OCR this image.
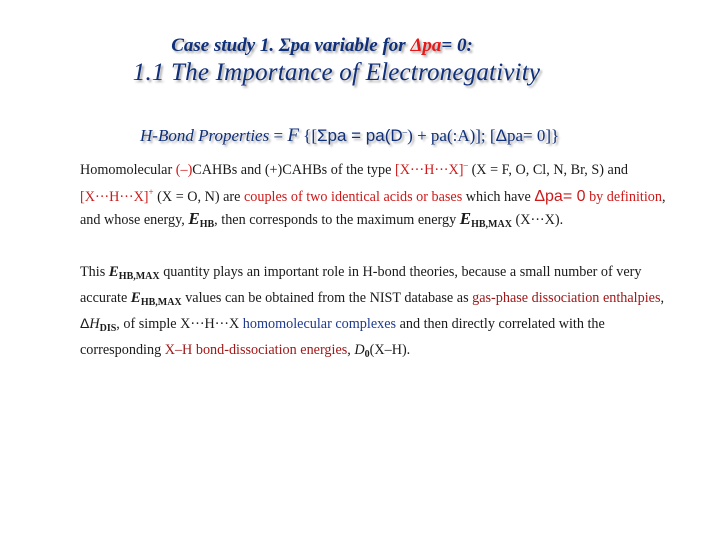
Case study 1. Σpa variable for Δpa= 0:
1.1 The Importance of Electronegativity
H-Bond Properties = F {[Σpa = pa(D–) + pa(:A)]; [Δpa= 0]}
Homomolecular (–)CAHBs and (+)CAHBs of the type [X···H···X]– (X = F, O, Cl, N, Br, S) and [X···H···X]+ (X = O, N) are couples of two identical acids or bases which have Δpa= 0 by definition, and whose energy, $E_{HB}$, then corresponds to the maximum energy $E_{HB,MAX}$ (X···X).
This $E_{HB,MAX}$ quantity plays an important role in H-bond theories, because a small number of very accurate $E_{HB,MAX}$ values can be obtained from the NIST database as gas-phase dissociation enthalpies, $\Delta H_{DIS}$, of simple X···H···X homomolecular complexes and then directly correlated with the corresponding X–H bond-dissociation energies, $D_0(X-H)$.
